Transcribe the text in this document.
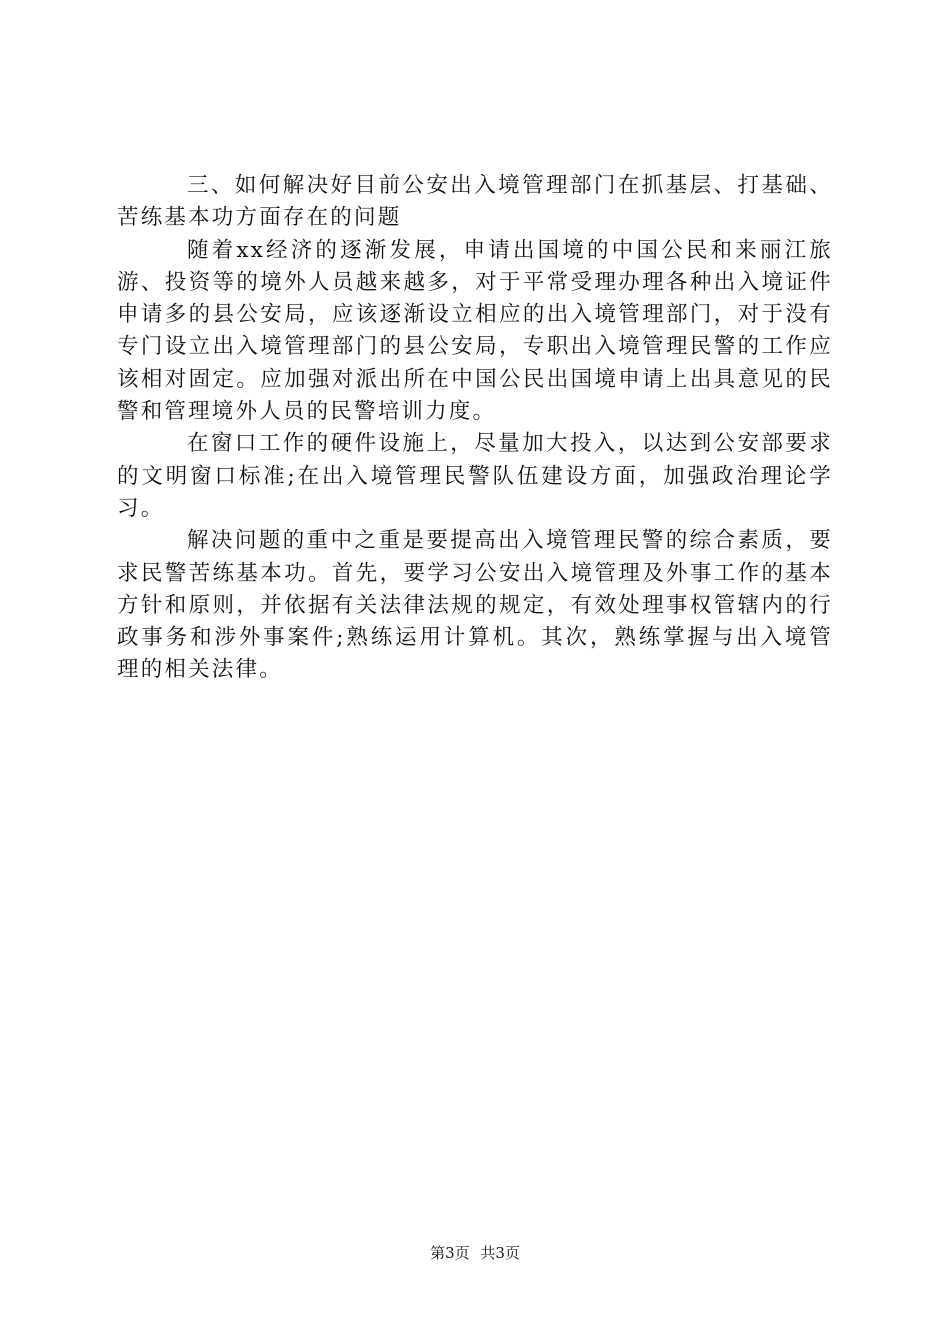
三、如何解决好目前公安出入境管理部门在抓基层、打基础、苦练基本功方面存在的问题

随着xx经济的逐渐发展，申请出国境的中国公民和来丽江旅游、投资等的境外人员越来越多，对于平常受理办理各种出入境证件申请多的县公安局，应该逐渐设立相应的出入境管理部门，对于没有专门设立出入境管理部门的县公安局，专职出入境管理民警的工作应该相对固定。应加强对派出所在中国公民出国境申请上出具意见的民警和管理境外人员的民警培训力度。

在窗口工作的硬件设施上，尽量加大投入，以达到公安部要求的文明窗口标准;在出入境管理民警队伍建设方面，加强政治理论学习。

解决问题的重中之重是要提高出入境管理民警的综合素质，要求民警苦练基本功。首先，要学习公安出入境管理及外事工作的基本方针和原则，并依据有关法律法规的规定，有效处理事权管辖内的行政事务和涉外事案件;熟练运用计算机。其次，熟练掌握与出入境管理的相关法律。

第3页 共3页
